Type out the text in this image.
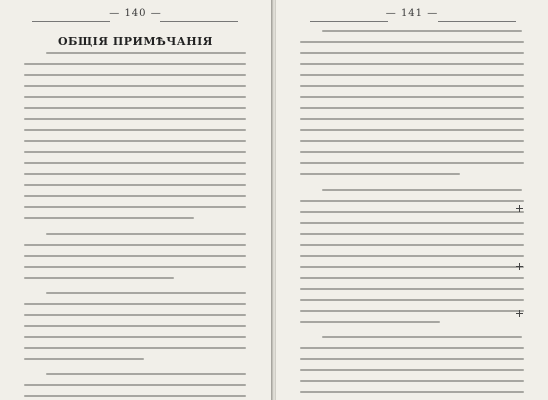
— 140 —
ОБЩІЯ ПРИМѢЧАНІЯ
— 141 —
